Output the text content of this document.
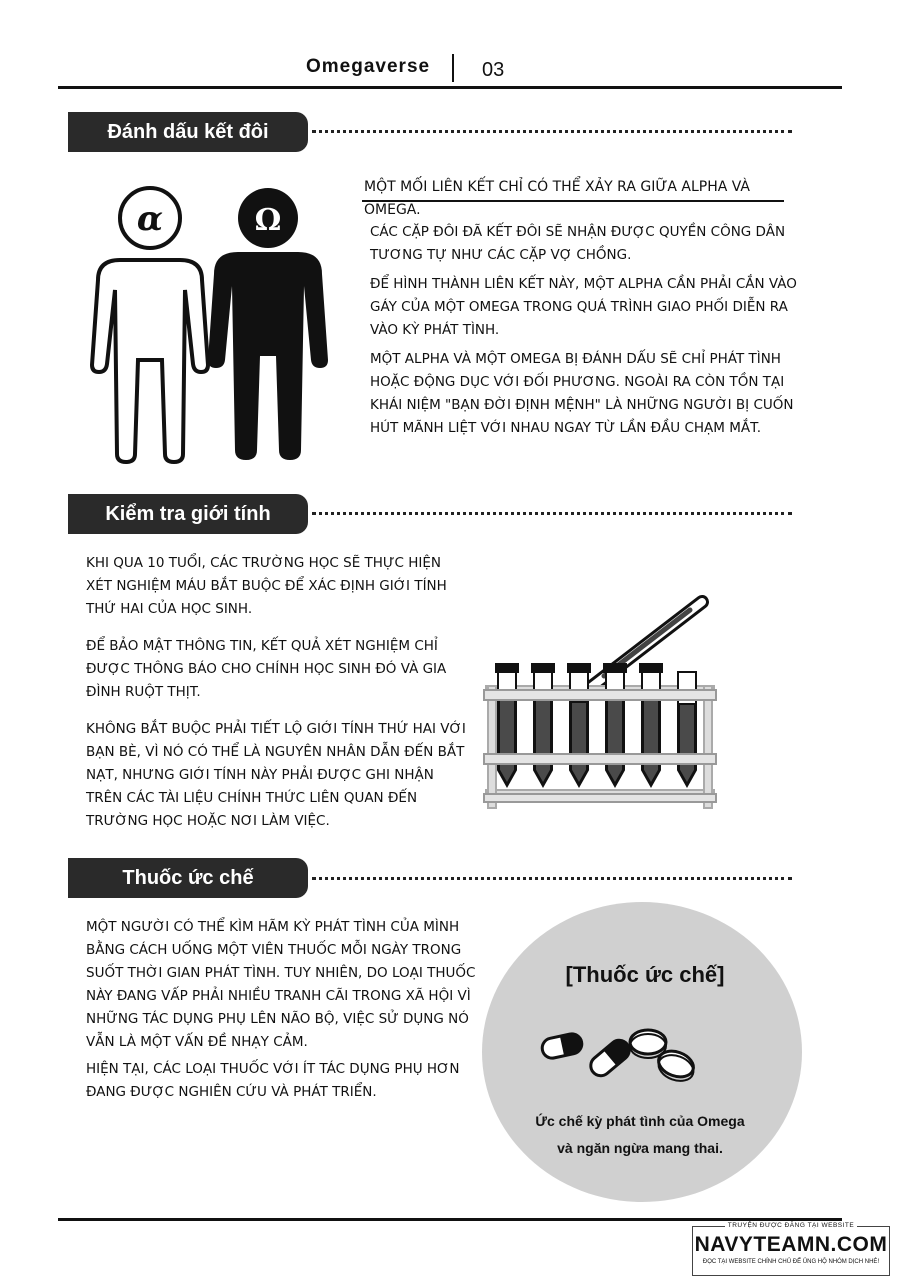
Omegaverse	03
Đánh dấu kết đôi
α	Ω
MỘT MỐI LIÊN KẾT CHỈ CÓ THỂ XẢY RA GIỮA ALPHA VÀ OMEGA.

CÁC CẶP ĐÔI ĐÃ KẾT ĐÔI SẼ NHẬN ĐƯỢC QUYỀN CÔNG DÂN TƯƠNG TỰ NHƯ CÁC CẶP VỢ CHỒNG.

ĐỂ HÌNH THÀNH LIÊN KẾT NÀY, MỘT ALPHA CẦN PHẢI CẮN VÀO GÁY CỦA MỘT OMEGA TRONG QUÁ TRÌNH GIAO PHỐI DIỄN RA VÀO KỲ PHÁT TÌNH.

MỘT ALPHA VÀ MỘT OMEGA BỊ ĐÁNH DẤU SẼ CHỈ PHÁT TÌNH HOẶC ĐỘNG DỤC VỚI ĐỐI PHƯƠNG. NGOÀI RA CÒN TỒN TẠI KHÁI NIỆM "BẠN ĐỜI ĐỊNH MỆNH" LÀ NHỮNG NGƯỜI BỊ CUỐN HÚT MÃNH LIỆT VỚI NHAU NGAY TỪ LẦN ĐẦU CHẠM MẮT.

Kiểm tra giới tính

KHI QUA 10 TUỔI, CÁC TRƯỜNG HỌC SẼ THỰC HIỆN XÉT NGHIỆM MÁU BẮT BUỘC ĐỂ XÁC ĐỊNH GIỚI TÍNH THỨ HAI CỦA HỌC SINH.

ĐỂ BẢO MẬT THÔNG TIN, KẾT QUẢ XÉT NGHIỆM CHỈ ĐƯỢC THÔNG BÁO CHO CHÍNH HỌC SINH ĐÓ VÀ GIA ĐÌNH RUỘT THỊT.

KHÔNG BẮT BUỘC PHẢI TIẾT LỘ GIỚI TÍNH THỨ HAI VỚI BẠN BÈ, VÌ NÓ CÓ THỂ LÀ NGUYÊN NHÂN DẪN ĐẾN BẮT NẠT, NHƯNG GIỚI TÍNH NÀY PHẢI ĐƯỢC GHI NHẬN TRÊN CÁC TÀI LIỆU CHÍNH THỨC LIÊN QUAN ĐẾN TRƯỜNG HỌC HOẶC NƠI LÀM VIỆC.

Thuốc ức chế

MỘT NGƯỜI CÓ THỂ KÌM HÃM KỲ PHÁT TÌNH CỦA MÌNH BẰNG CÁCH UỐNG MỘT VIÊN THUỐC MỖI NGÀY TRONG SUỐT THỜI GIAN PHÁT TÌNH. TUY NHIÊN, DO LOẠI THUỐC NÀY ĐANG VẤP PHẢI NHIỀU TRANH CÃI TRONG XÃ HỘI VÌ NHỮNG TÁC DỤNG PHỤ LÊN NÃO BỘ, VIỆC SỬ DỤNG NÓ VẪN LÀ MỘT VẤN ĐỀ NHẠY CẢM.

HIỆN TẠI, CÁC LOẠI THUỐC VỚI ÍT TÁC DỤNG PHỤ HƠN ĐANG ĐƯỢC NGHIÊN CỨU VÀ PHÁT TRIỂN.

[Thuốc ức chế]
Ức chế kỳ phát tình của Omega
và ngăn ngừa mang thai.
TRUYỆN ĐƯỢC ĐĂNG TẠI WEBSITE
NAVYTEAMN.COM
ĐỌC TẠI WEBSITE CHÍNH CHỦ ĐỂ ỦNG HỘ NHÓM DỊCH NHÉ!
